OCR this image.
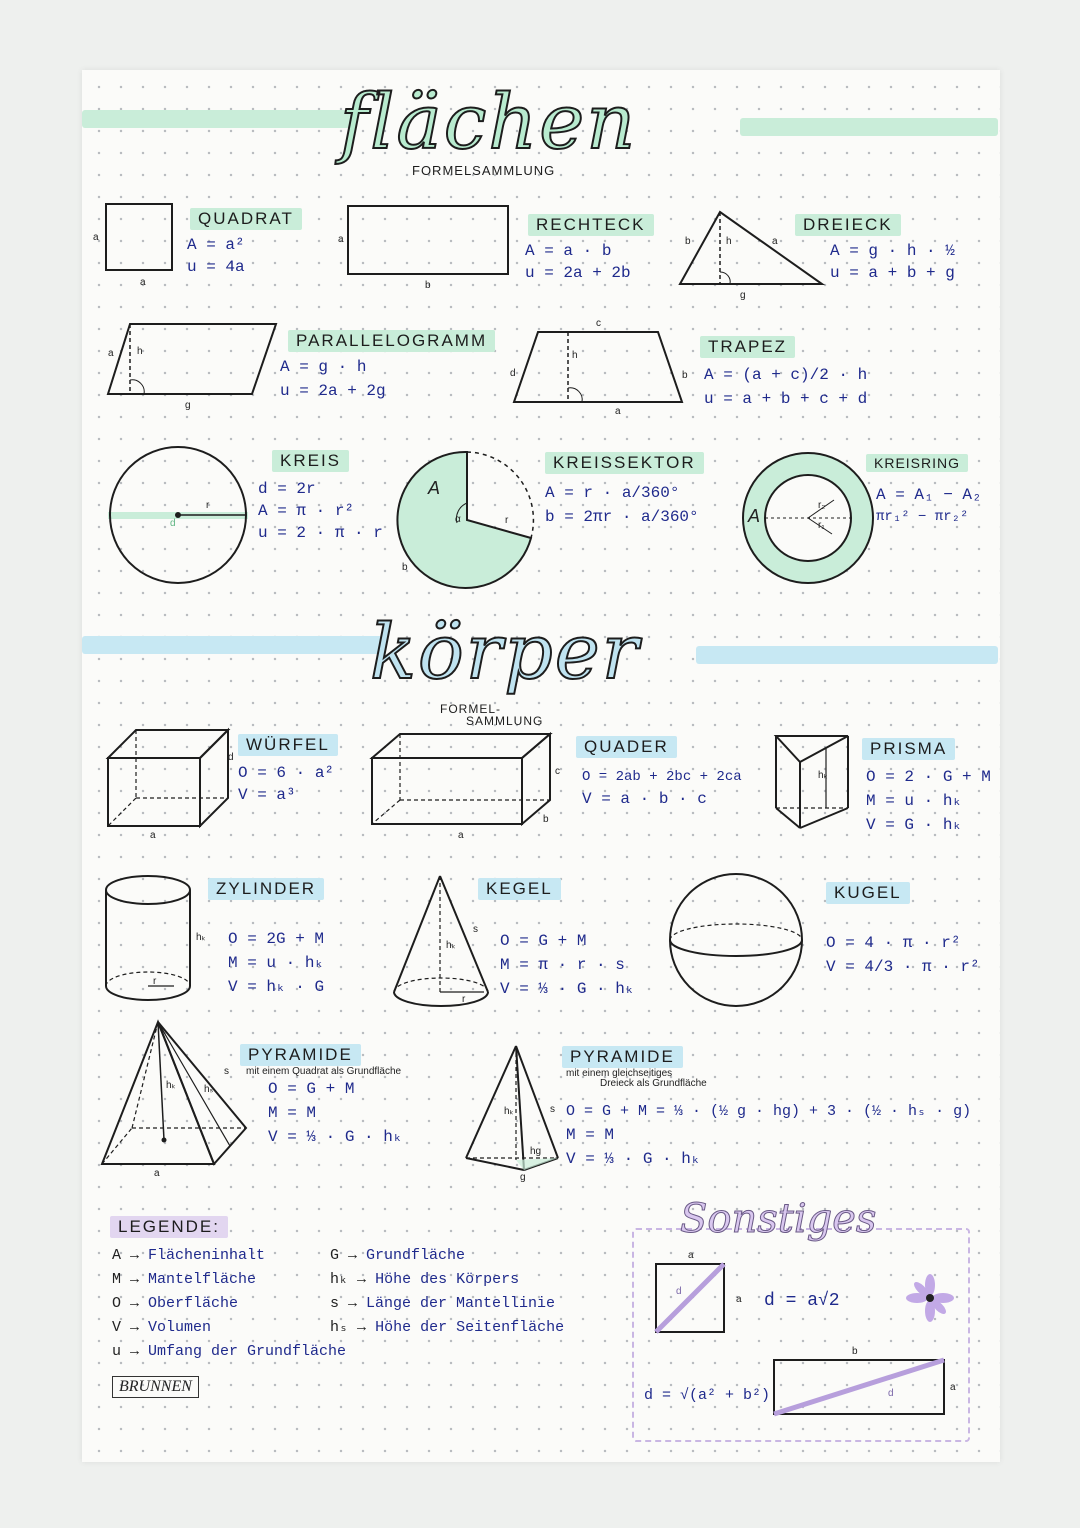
flächen
FORMELSAMMLUNG
a
a
QUADRAT
A = a²
u = 4a
a
b
RECHTECK
A = a · b
u = 2a + 2b
b	h	a
g
DREIECK
A = g · h · ½
u = a + b + g
a h
g
PARALLELOGRAMM
A = g · h
u = 2a + 2g
c
d
h
b
a
TRAPEZ
A = (a + c)/2 · h
u = a + b + c + d
r
d
KREIS
d = 2r
A = π · r²
u = 2 · π · r
A
α	r
b
KREISSEKTOR
A = r · a/360°
b = 2πr · a/360°	A
r₂
r₁
KREISRING
A = A₁ − A₂
πr₁² − πr₂²
körper
FORMEL-
SAMMLUNG
a
d
WÜRFEL
O = 6 · a²
V = a³
a
b
c
QUADER
O = 2ab + 2bc + 2ca
V = a · b · c
hₖ
PRISMA
O = 2 · G + M
M = u · hₖ
V = G · hₖ
r
hₖ
ZYLINDER
O = 2G + M
M = u · hₖ
V = hₖ · G
hₖ
s
r
KEGEL
O = G + M
M = π · r · s
V = ⅓ · G · hₖ
KUGEL
O = 4 · π · r²
V = 4/3 · π · r²
hₖ	hₛ
s
a
PYRAMIDE
mit einem Quadrat als Grundfläche
O = G + M
M = M
V = ⅓ · G · hₖ
hₖ
hg
s
g
PYRAMIDE
mit einem gleichseitiges
Dreieck als Grundfläche
O = G + M = ⅓ · (½ g · hg) + 3 · (½ · hₛ · g)
M = M
V = ⅓ · G · hₖ
LEGENDE:
A → Flächeninhalt
M → Mantelfläche
O → Oberfläche
V → Volumen
u → Umfang der Grundfläche
G → Grundfläche
hₖ → Höhe des Körpers
s → Länge der Mantellinie
hₛ → Höhe der Seitenfläche
BRUNNEN
Sonstiges
a
a
d	d = a√2
b
a
d
d = √(a² + b²)
